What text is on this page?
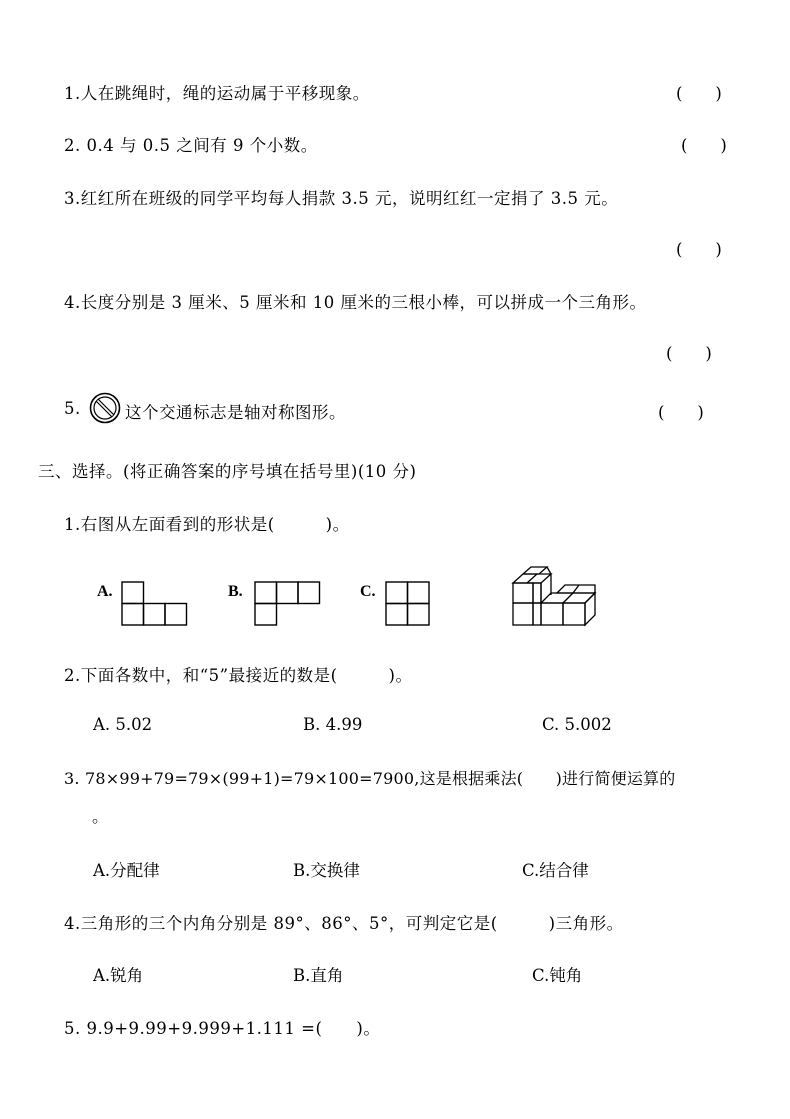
1.人在跳绳时，绳的运动属于平移现象。	(　　)
2. 0.4 与 0.5 之间有 9 个小数。	(　　)
3.红红所在班级的同学平均每人捐款 3.5 元，说明红红一定捐了 3.5 元。
(　　)
4.长度分别是 3 厘米、5 厘米和 10 厘米的三根小棒，可以拼成一个三角形。
(　　)
5.	这个交通标志是轴对称图形。	(　　)
三、选择。(将正确答案的序号填在括号里)(10 分)
1.右图从左面看到的形状是(　　　)。
A.	B.	C.
2.下面各数中，和“5”最接近的数是(　　　)。
A. 5.02	B. 4.99	C. 5.002
3. 78×99+79=79×(99+1)=79×100=7900,这是根据乘法(　　)进行简便运算的
。
A.分配律	B.交换律	C.结合律
4.三角形的三个内角分别是 89°、86°、5°，可判定它是(　　　)三角形。
A.锐角	B.直角	C.钝角
5. 9.9+9.99+9.999+1.111 =(　　)。
